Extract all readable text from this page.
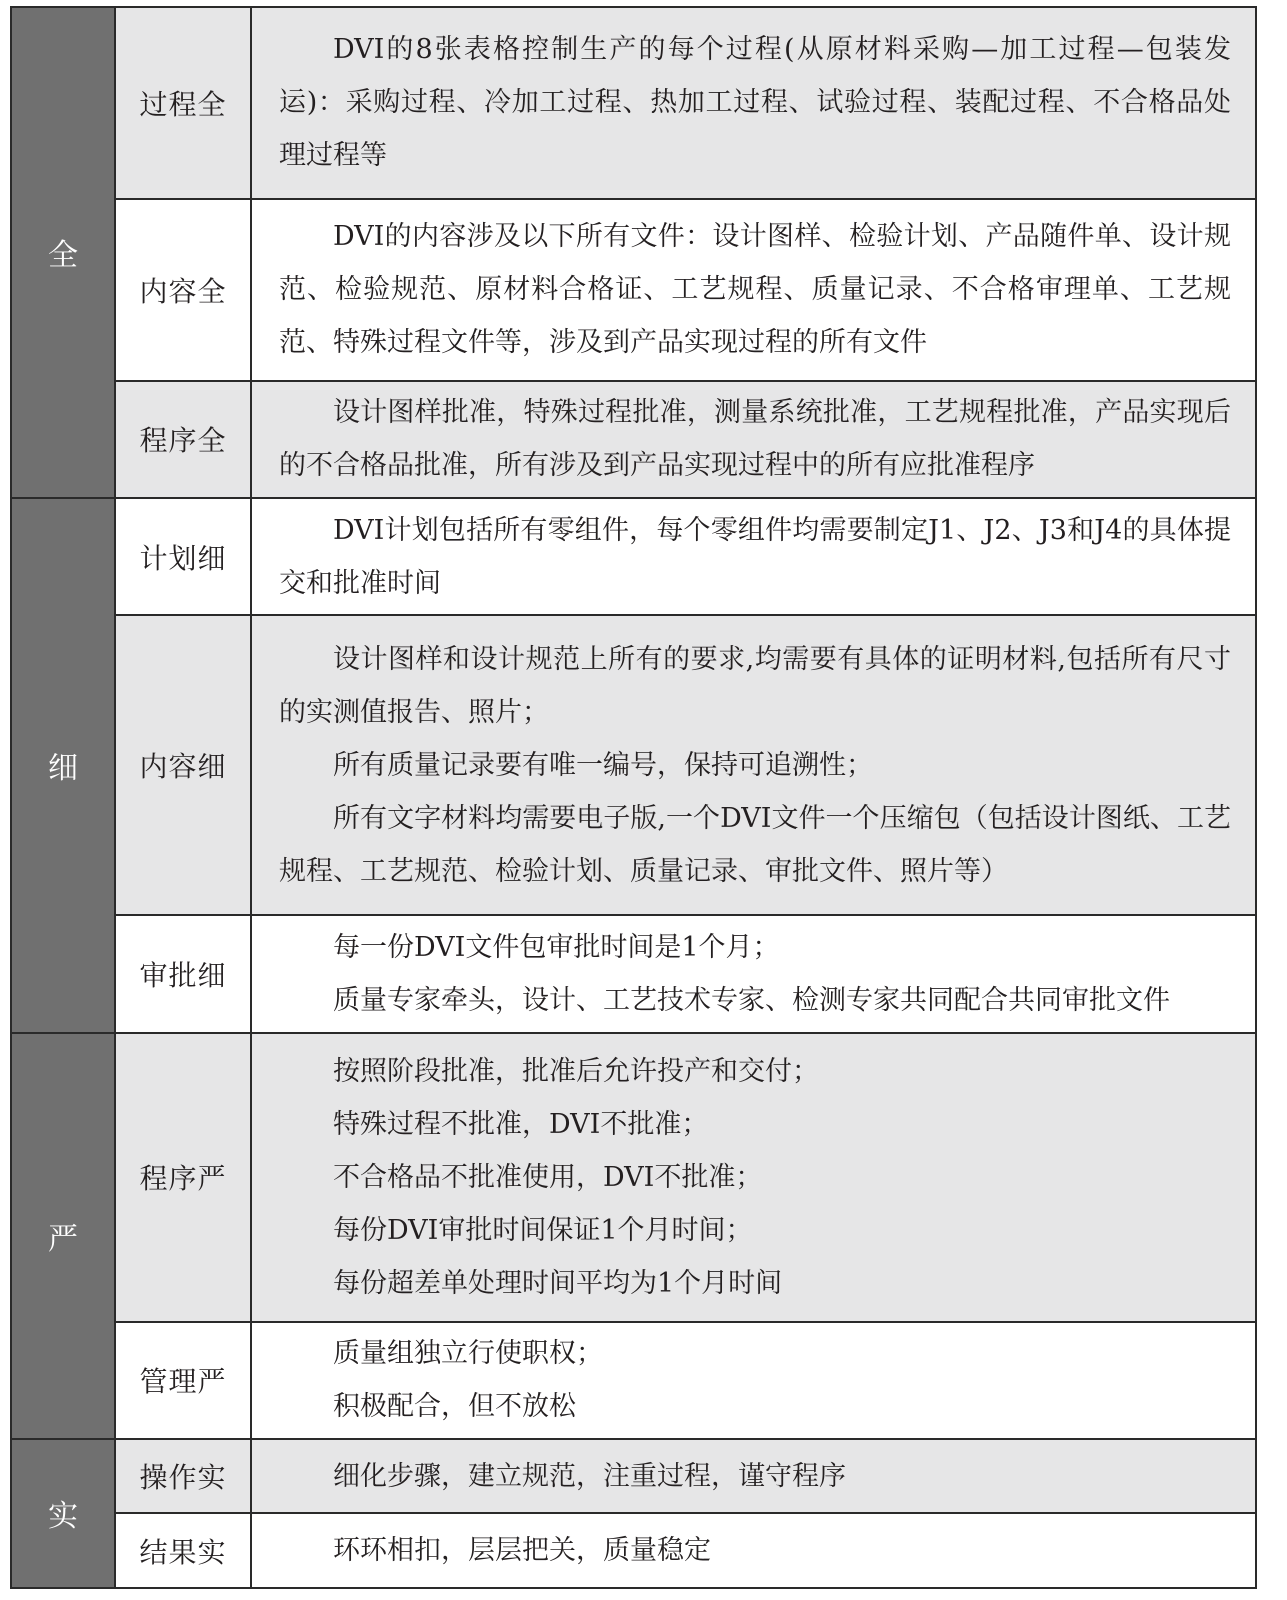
全	过程全	DVI的8张表格控制生产的每个过程(从原材料采购—加工过程—包装发运)：采购过程、冷加工过程、热加工过程、试验过程、装配过程、不合格品处理过程等

	内容全	DVI的内容涉及以下所有文件：设计图样、检验计划、产品随件单、设计规范、检验规范、原材料合格证、工艺规程、质量记录、不合格审理单、工艺规范、特殊过程文件等，涉及到产品实现过程的所有文件

	程序全	设计图样批准，特殊过程批准，测量系统批准，工艺规程批准，产品实现后的不合格品批准，所有涉及到产品实现过程中的所有应批准程序

细	计划细	DVI计划包括所有零组件，每个零组件均需要制定J1、J2、J3和J4的具体提交和批准时间

	内容细	设计图样和设计规范上所有的要求,均需要有具体的证明材料,包括所有尺寸的实测值报告、照片；

所有质量记录要有唯一编号，保持可追溯性；

所有文字材料均需要电子版,一个DVI文件一个压缩包（包括设计图纸、工艺规程、工艺规范、检验计划、质量记录、审批文件、照片等）

	审批细	每一份DVI文件包审批时间是1个月；

质量专家牵头，设计、工艺技术专家、检测专家共同配合共同审批文件

严	程序严	按照阶段批准，批准后允许投产和交付；

特殊过程不批准，DVI不批准；

不合格品不批准使用，DVI不批准；

每份DVI审批时间保证1个月时间；

每份超差单处理时间平均为1个月时间

	管理严	质量组独立行使职权；

积极配合，但不放松

实	操作实	细化步骤，建立规范，注重过程，谨守程序

	结果实	环环相扣，层层把关，质量稳定
